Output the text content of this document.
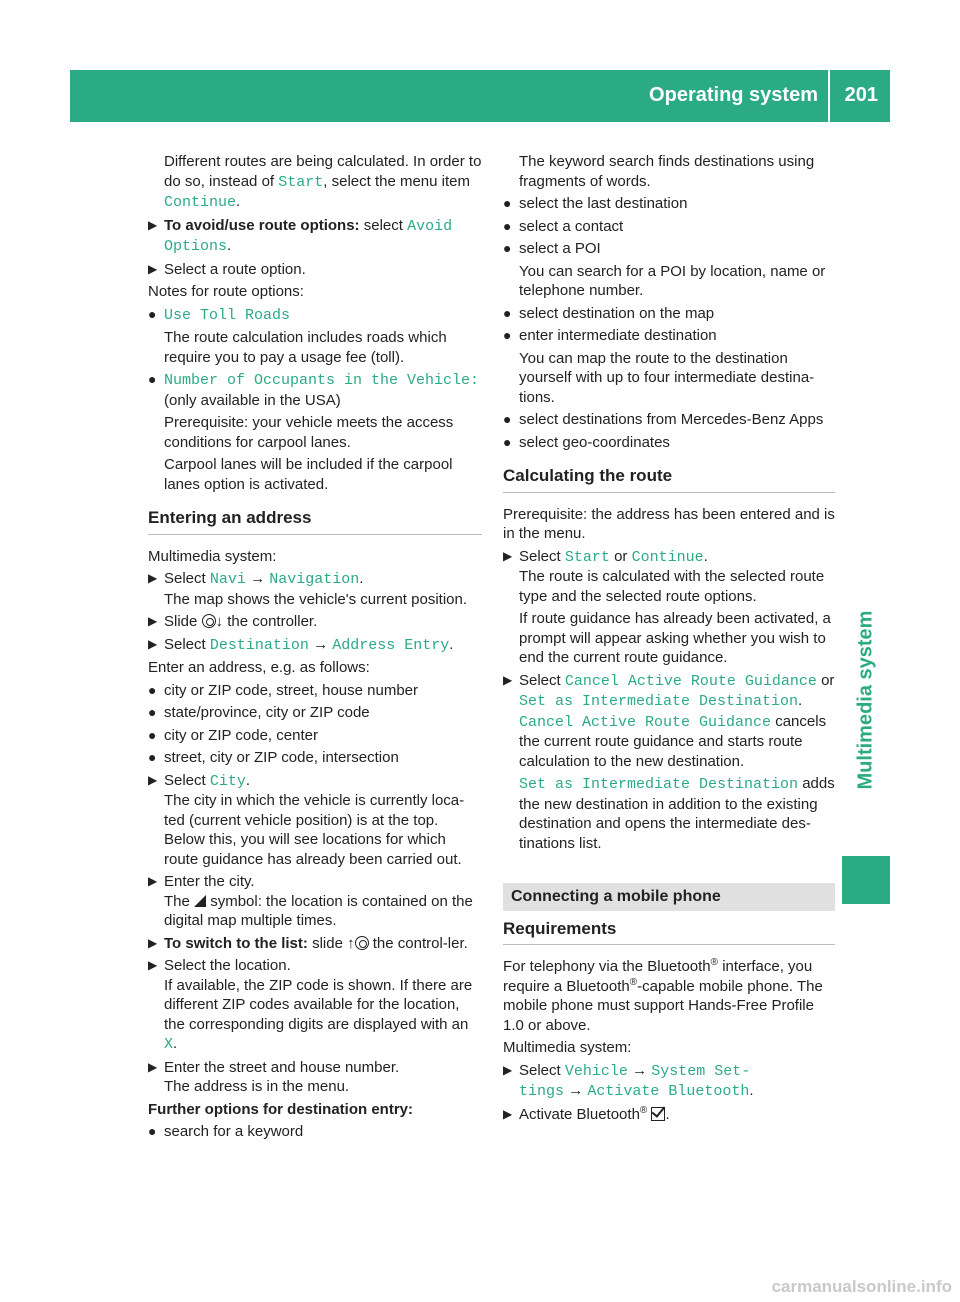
Operating system 201
Multimedia system

Different routes are being calculated. In order to do so, instead of Start, select the menu item Continue.

▶ To avoid/use route options: select Avoid
Options.
▶ Select a route option.

Notes for route options:

● Use Toll Roads

The route calculation includes roads which require you to pay a usage fee (toll).

● Number of Occupants in the Vehicle:
(only available in the USA)

Prerequisite: your vehicle meets the access conditions for carpool lanes.

Carpool lanes will be included if the carpool lanes option is activated.

Entering an address

Multimedia system:

▶ Select Navi → Navigation.
The map shows the vehicle's current position.
▶ Slide ↓ the controller.
▶ Select Destination → Address Entry.

Enter an address, e.g. as follows:

● city or ZIP code, street, house number
● state/province, city or ZIP code
● city or ZIP code, center
● street, city or ZIP code, intersection
▶ Select City.
The city in which the vehicle is currently loca-ted (current vehicle position) is at the top. Below this, you will see locations for which route guidance has already been carried out.
▶ Enter the city.
The symbol: the location is contained on the digital map multiple times.
▶ To switch to the list: slide ↑ the control-ler.
▶ Select the location.
If available, the ZIP code is shown. If there are different ZIP codes available for the location, the corresponding digits are displayed with an
X.
▶ Enter the street and house number.
The address is in the menu.

Further options for destination entry:

● search for a keyword

The keyword search finds destinations using fragments of words.

● select the last destination
● select a contact
● select a POI

You can search for a POI by location, name or telephone number.

● select destination on the map
● enter intermediate destination

You can map the route to the destination yourself with up to four intermediate destina-tions.

● select destinations from Mercedes-Benz Apps
● select geo-coordinates
Calculating the route

Prerequisite: the address has been entered and is in the menu.

▶ Select Start or Continue.
The route is calculated with the selected route type and the selected route options.

If route guidance has already been activated, a prompt will appear asking whether you wish to end the current route guidance.

▶ Select Cancel Active Route Guidance or
Set as Intermediate Destination.
Cancel Active Route Guidance cancels the current route guidance and starts route calculation to the new destination.

Set as Intermediate Destination adds the new destination in addition to the existing destination and opens the intermediate des-tinations list.

Connecting a mobile phone
Requirements

For telephony via the Bluetooth® interface, you require a Bluetooth®-capable mobile phone. The mobile phone must support Hands-Free Profile 1.0 or above.

Multimedia system:

▶ Select Vehicle → System Set-
tings → Activate Bluetooth.
▶ Activate Bluetooth® .
carmanualsonline.info
